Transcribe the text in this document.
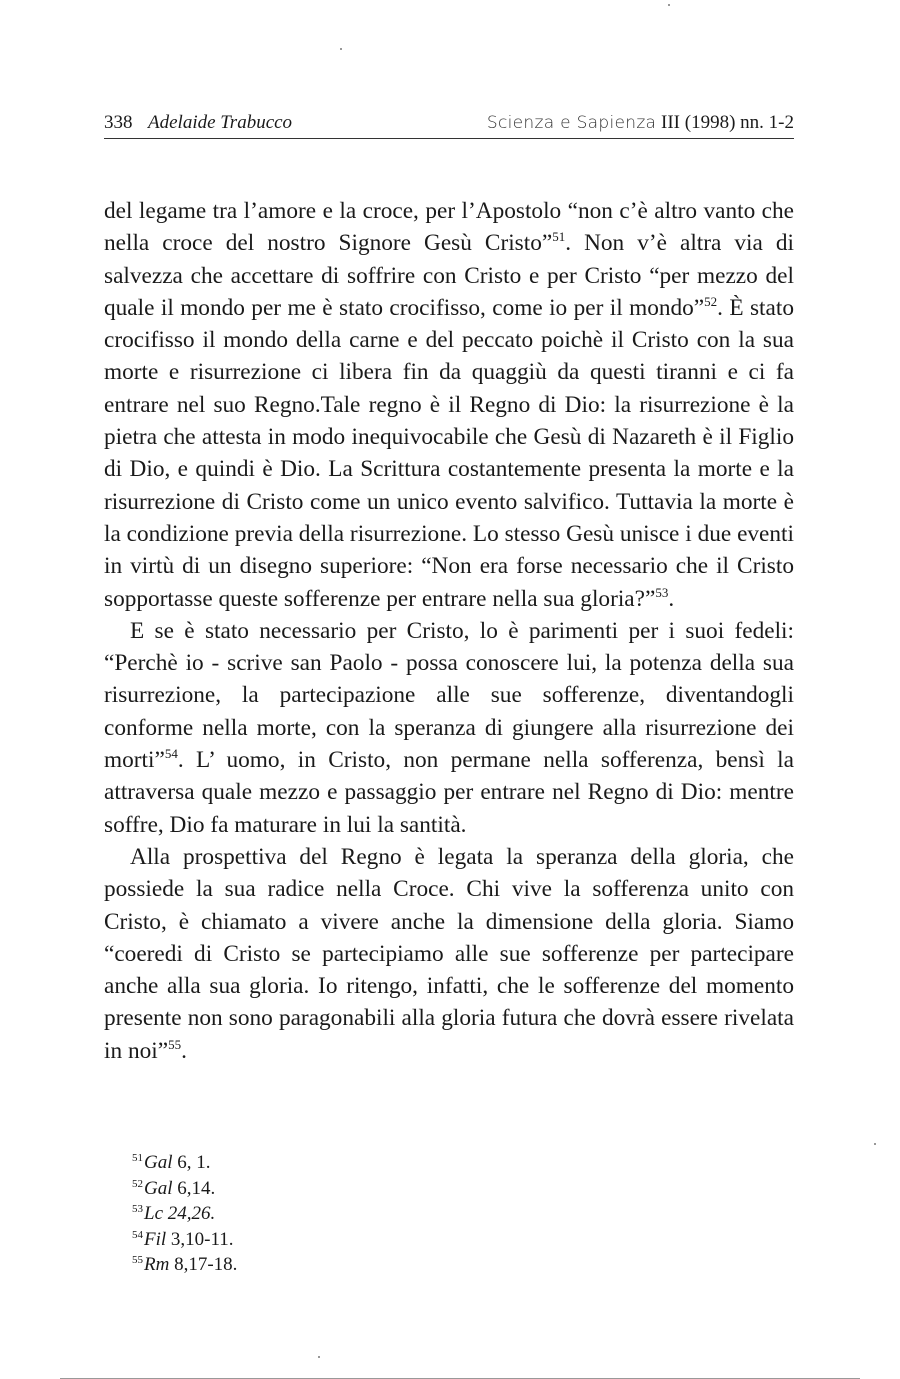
338 Adelaide Trabucco	Scienza e Sapienza III (1998) nn. 1-2

del legame tra l’amore e la croce, per l’Apostolo “non c’è altro vanto che nella croce del nostro Signore Gesù Cristo”$^{51}$. Non v’è altra via di salvezza che accettare di soffrire con Cristo e per Cristo “per mezzo del quale il mondo per me è stato crocifisso, come io per il mondo”$^{52}$. È stato crocifisso il mondo della carne e del peccato poichè il Cristo con la sua morte e risurrezione ci libera fin da quaggiù da questi tiranni e ci fa entrare nel suo Regno.Tale regno è il Regno di Dio: la risurrezione è la pietra che attesta in modo inequivocabile che Gesù di Nazareth è il Figlio di Dio, e quindi è Dio. La Scrittura costantemente presenta la morte e la risurrezione di Cristo come un unico evento salvifico. Tuttavia la morte è la condizione previa della risurrezione. Lo stesso Gesù unisce i due eventi in virtù di un disegno superiore: “Non era forse necessario che il Cristo sopportasse queste sofferenze per entrare nella sua gloria?”$^{53}$.

E se è stato necessario per Cristo, lo è parimenti per i suoi fedeli: “Perchè io - scrive san Paolo - possa conoscere lui, la potenza della sua risurrezione, la partecipazione alle sue sofferenze, diventandogli conforme nella morte, con la speranza di giungere alla risurrezione dei morti”$^{54}$. L’ uomo, in Cristo, non permane nella sofferenza, bensì la attraversa quale mezzo e passaggio per entrare nel Regno di Dio: mentre soffre, Dio fa maturare in lui la santità.

Alla prospettiva del Regno è legata la speranza della gloria, che possiede la sua radice nella Croce. Chi vive la sofferenza unito con Cristo, è chiamato a vivere anche la dimensione della gloria. Siamo “coeredi di Cristo se partecipiamo alle sue sofferenze per partecipare anche alla sua gloria. Io ritengo, infatti, che le sofferenze del momento presente non sono paragonabili alla gloria futura che dovrà essere rivelata in noi”$^{55}$.

$^{51}$Gal 6, 1.
$^{52}$Gal 6,14.
$^{53}$Lc 24,26.
$^{54}$Fil 3,10-11.
$^{55}$Rm 8,17-18.
